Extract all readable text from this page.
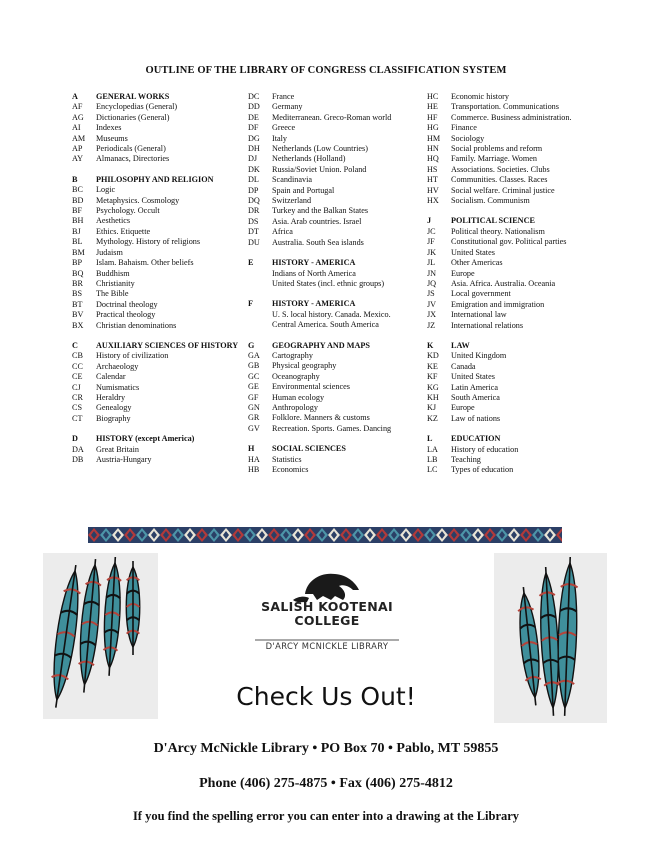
OUTLINE OF THE LIBRARY OF CONGRESS CLASSIFICATION SYSTEM
A	GENERAL WORKS
AF	Encyclopedias (General)
AG	Dictionaries (General)
AI	Indexes
AM	Museums
AP	Periodicals (General)
AY	Almanacs, Directories
B	PHILOSOPHY AND RELIGION
BC	Logic
BD	Metaphysics. Cosmology
BF	Psychology. Occult
BH	Aesthetics
BJ	Ethics. Etiquette
BL	Mythology. History of religions
BM	Judaism
BP	Islam. Bahaism. Other beliefs
BQ	Buddhism
BR	Christianity
BS	The Bible
BT	Doctrinal theology
BV	Practical theology
BX	Christian denominations
C	AUXILIARY SCIENCES OF HISTORY
CB	History of civilization
CC	Archaeology
CE	Calendar
CJ	Numismatics
CR	Heraldry
CS	Genealogy
CT	Biography
D	HISTORY (except America)
DA	Great Britain
DB	Austria-Hungary
DC	France
DD	Germany
DE	Mediterranean. Greco-Roman world
DF	Greece
DG	Italy
DH	Netherlands (Low Countries)
DJ	Netherlands (Holland)
DK	Russia/Soviet Union. Poland
DL	Scandinavia
DP	Spain and Portugal
DQ	Switzerland
DR	Turkey and the Balkan States
DS	Asia. Arab countries. Israel
DT	Africa
DU	Australia. South Sea islands
E	HISTORY - AMERICA
Indians of North America
United States (incl. ethnic groups)
F	HISTORY - AMERICA
U. S. local history. Canada. Mexico.
Central America. South America
G	GEOGRAPHY AND MAPS
GA	Cartography
GB	Physical geography
GC	Oceanography
GE	Environmental sciences
GF	Human ecology
GN	Anthropology
GR	Folklore. Manners & customs
GV	Recreation. Sports. Games. Dancing
H	SOCIAL SCIENCES
HA	Statistics
HB	Economics
HC	Economic history
HE	Transportation. Communications
HF	Commerce. Business administration.
HG	Finance
HM	Sociology
HN	Social problems and reform
HQ	Family. Marriage. Women
HS	Associations. Societies. Clubs
HT	Communities. Classes. Races
HV	Social welfare. Criminal justice
HX	Socialism. Communism
J	POLITICAL SCIENCE
JC	Political theory. Nationalism
JF	Constitutional gov. Political parties
JK	United States
JL	Other Americas
JN	Europe
JQ	Asia. Africa. Australia. Oceania
JS	Local government
JV	Emigration and immigration
JX	International law
JZ	International relations
K	LAW
KD	United Kingdom
KE	Canada
KF	United States
KG	Latin America
KH	South America
KJ	Europe
KZ	Law of nations
L	EDUCATION
LA	History of education
LB	Teaching
LC	Types of education
SALISH KOOTENAI
COLLEGE
D'ARCY MCNICKLE LIBRARY
Check Us Out!
D'Arcy McNickle Library • PO Box 70 • Pablo, MT 59855
Phone (406) 275-4875 • Fax (406) 275-4812
If you find the spelling error you can enter into a drawing at the Library
